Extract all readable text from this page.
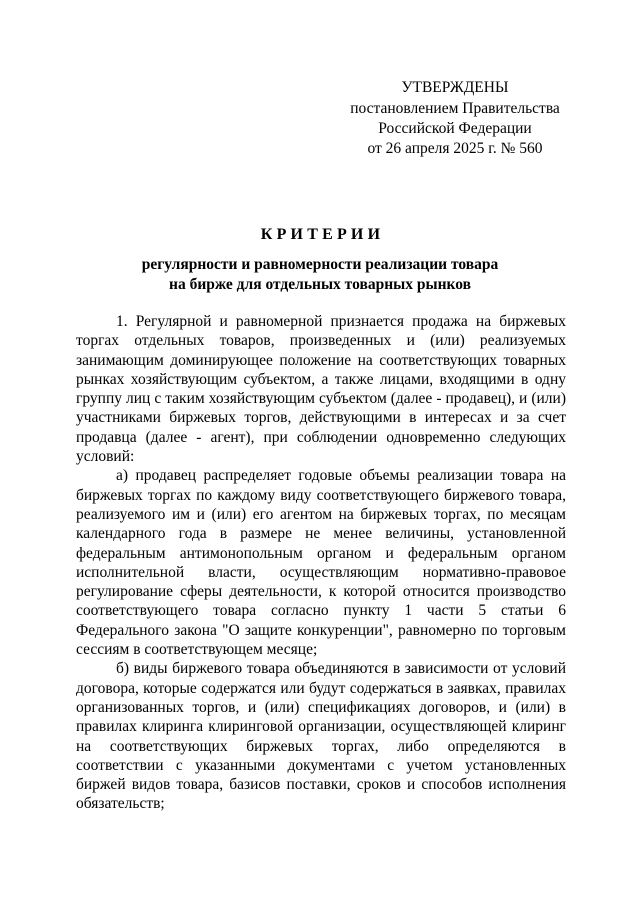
УТВЕРЖДЕНЫ
постановлением Правительства
Российской Федерации
от 26 апреля 2025 г. № 560
КРИТЕРИИ
регулярности и равномерности реализации товара
на бирже для отдельных товарных рынков

1. Регулярной и равномерной признается продажа на биржевых торгах отдельных товаров, произведенных и (или) реализуемых занимающим доминирующее положение на соответствующих товарных рынках хозяйствующим субъектом, а также лицами, входящими в одну группу лиц с таким хозяйствующим субъектом (далее - продавец), и (или) участниками биржевых торгов, действующими в интересах и за счет продавца (далее - агент), при соблюдении одновременно следующих условий:

а) продавец распределяет годовые объемы реализации товара на биржевых торгах по каждому виду соответствующего биржевого товара, реализуемого им и (или) его агентом на биржевых торгах, по месяцам календарного года в размере не менее величины, установленной федеральным антимонопольным органом и федеральным органом исполнительной власти, осуществляющим нормативно-правовое регулирование сферы деятельности, к которой относится производство соответствующего товара согласно пункту 1 части 5 статьи 6 Федерального закона "О защите конкуренции", равномерно по торговым сессиям в соответствующем месяце;

б) виды биржевого товара объединяются в зависимости от условий договора, которые содержатся или будут содержаться в заявках, правилах организованных торгов, и (или) спецификациях договоров, и (или) в правилах клиринга клиринговой организации, осуществляющей клиринг на соответствующих биржевых торгах, либо определяются в соответствии с указанными документами с учетом установленных биржей видов товара, базисов поставки, сроков и способов исполнения обязательств;
